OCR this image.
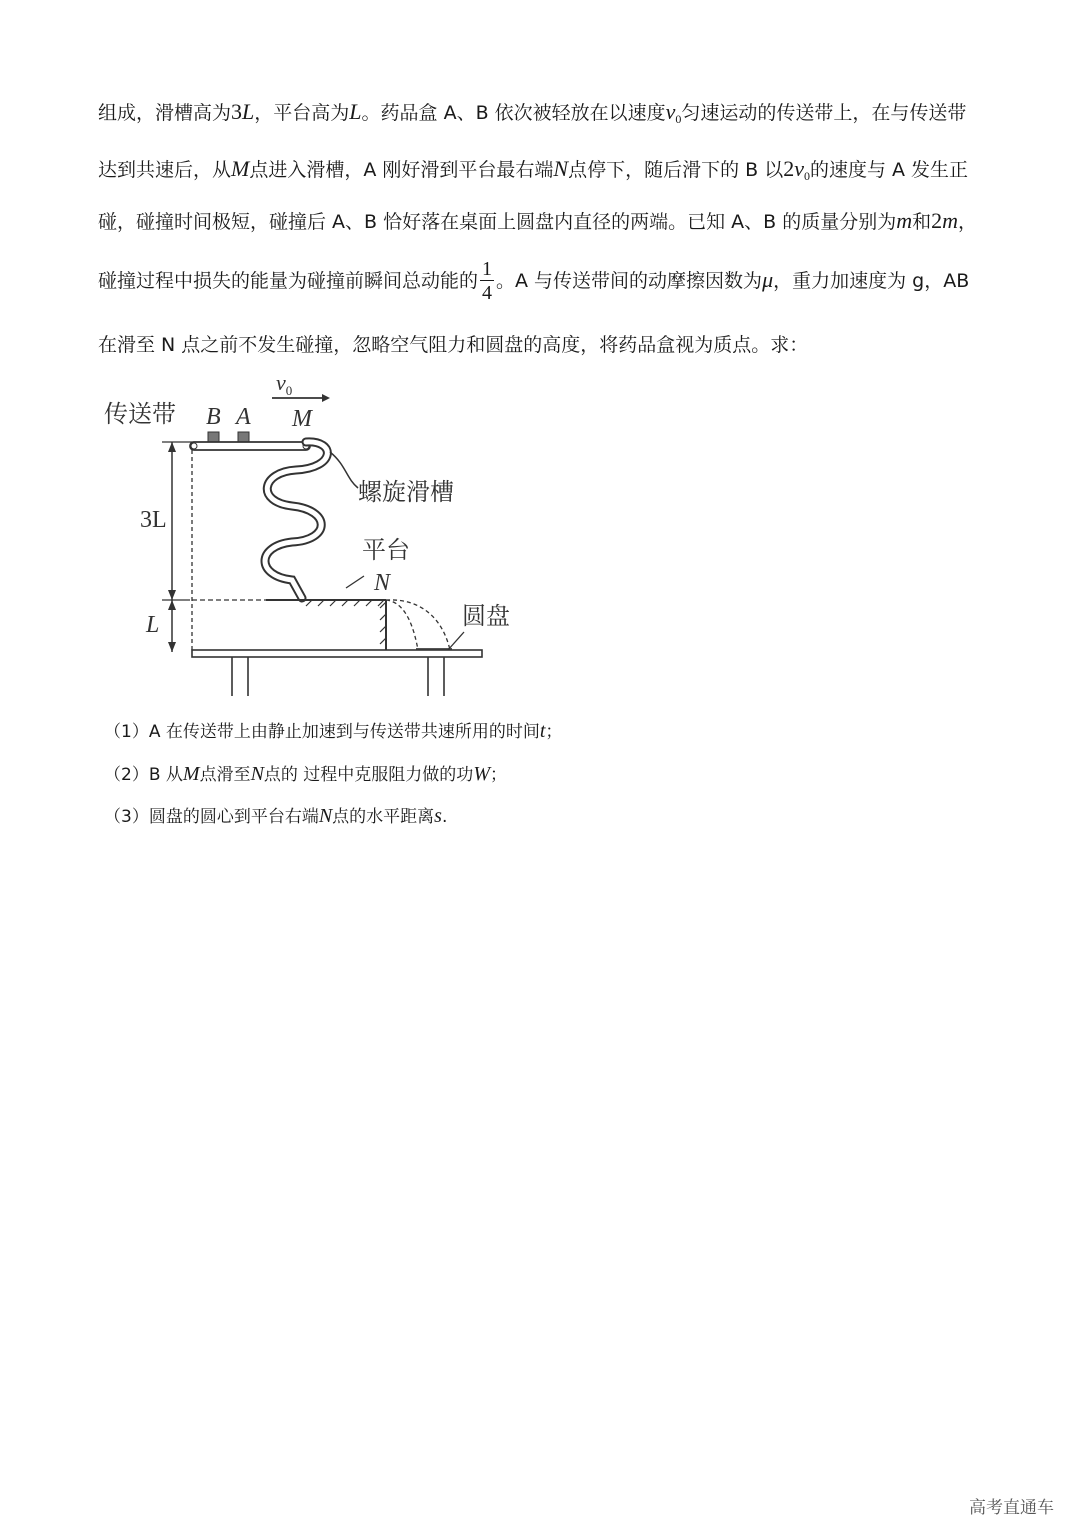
组成，滑槽高为3L，平台高为L。药品盒 A、B 依次被轻放在以速度$v_0$匀速运动的传送带上，在与传送带
达到共速后，从M点进入滑槽，A 刚好滑到平台最右端N点停下，随后滑下的 B 以$2v_0$的速度与 A 发生正
碰，碰撞时间极短，碰撞后 A、B 恰好落在桌面上圆盘内直径的两端。已知 A、B 的质量分别为m和2m，
碰撞过程中损失的能量为碰撞前瞬间总动能的 $\frac{1}{4}$ 。A 与传送带间的动摩擦因数为μ，重力加速度为 g，AB
在滑至 N 点之前不发生碰撞，忽略空气阻力和圆盘的高度，将药品盒视为质点。求：
传送带 B A
$v_0$
M
螺旋滑槽
3L
L
平台
N
圆盘
（1）A 在传送带上由静止加速到与传送带共速所用的时间t；
（2）B 从M点滑至N点的 过程中克服阻力做的功W；
（3）圆盘的圆心到平台右端N点的水平距离s.
高考直通车
